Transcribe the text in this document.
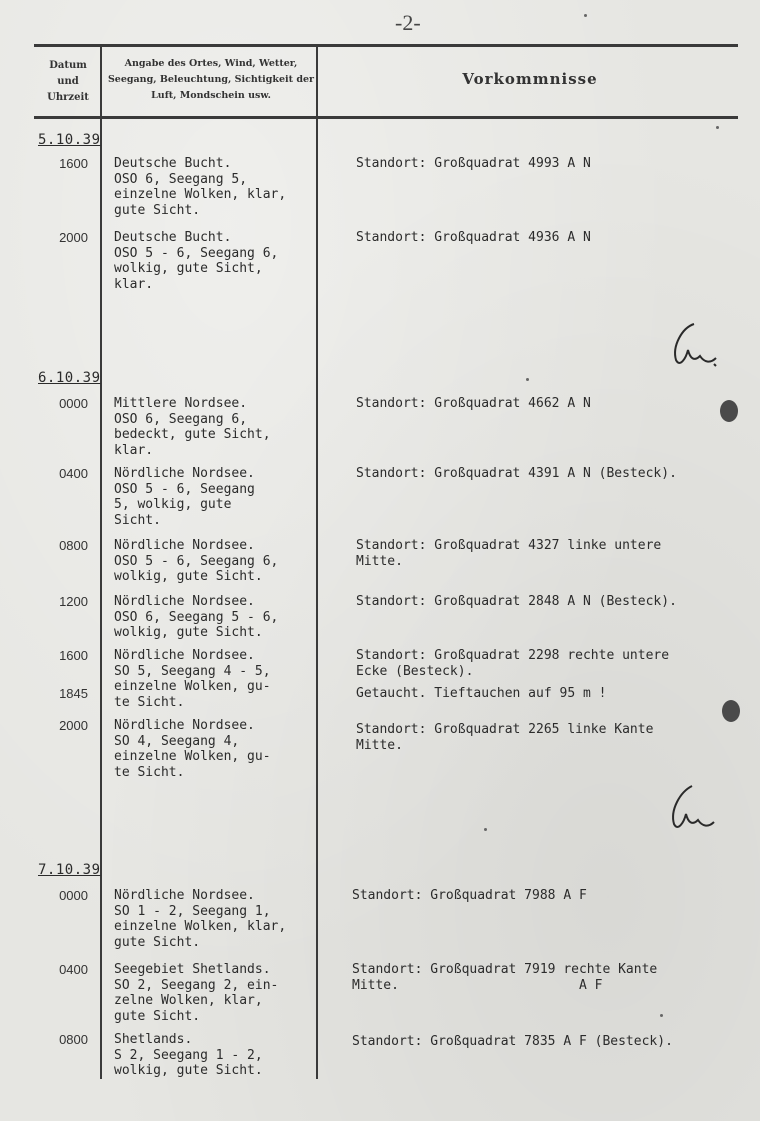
-2-
Datum und Uhrzeit
Angabe des Ortes, Wind, Wetter, Seegang, Beleuchtung, Sichtigkeit der Luft, Mondschein usw.
Vorkommnisse
5.10.39
1600 Deutsche Bucht.
OSO 6, Seegang 5,
einzelne Wolken, klar,
gute Sicht.
Standort: Großquadrat 4993 A N
2000 Deutsche Bucht.
OSO 5 - 6, Seegang 6,
wolkig, gute Sicht,
klar.
Standort: Großquadrat 4936 A N
6.10.39
0000 Mittlere Nordsee.
OSO 6, Seegang 6,
bedeckt, gute Sicht,
klar.
Standort: Großquadrat 4662 A N
0400 Nördliche Nordsee.
OSO 5 - 6, Seegang
5, wolkig, gute
Sicht.
Standort: Großquadrat 4391 A N (Besteck).
0800 Nördliche Nordsee.
OSO 5 - 6, Seegang 6,
wolkig, gute Sicht.
Standort: Großquadrat 4327 linke untere
Mitte.
1200 Nördliche Nordsee.
OSO 6, Seegang 5 - 6,
wolkig, gute Sicht.
Standort: Großquadrat 2848 A N (Besteck).
1600 Nördliche Nordsee.
SO 5, Seegang 4 - 5,
einzelne Wolken, gu-
te Sicht.
Standort: Großquadrat 2298 rechte untere
Ecke (Besteck).
1845	Getaucht. Tieftauchen auf 95 m !
2000 Nördliche Nordsee.
SO 4, Seegang 4,
einzelne Wolken, gu-
te Sicht.
Standort: Großquadrat 2265 linke Kante
Mitte.
7.10.39
0000 Nördliche Nordsee.
SO 1 - 2, Seegang 1,
einzelne Wolken, klar,
gute Sicht.
Standort: Großquadrat 7988 A F
0400 Seegebiet Shetlands.
SO 2, Seegang 2, ein-
zelne Wolken, klar,
gute Sicht.
Standort: Großquadrat 7919 rechte Kante
Mitte.                       A F
0800 Shetlands.
S 2, Seegang 1 - 2,
wolkig, gute Sicht.
Standort: Großquadrat 7835 A F (Besteck).
